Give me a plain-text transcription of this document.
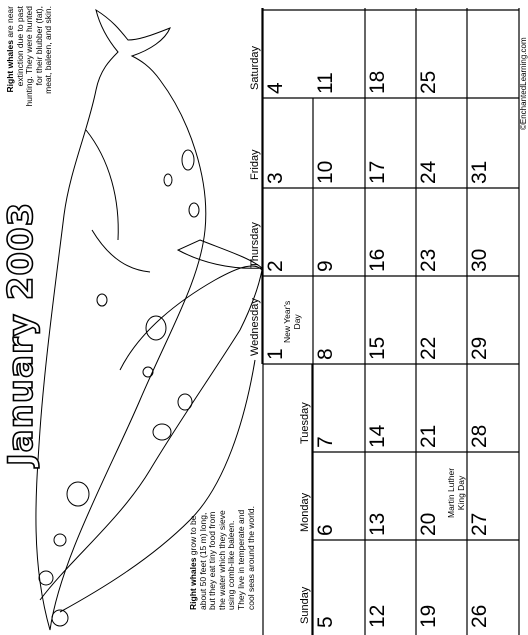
Sunday
Monday
Tuesday
Wednesday
Thursday
Friday
Saturday
1
2
3
4
5
6
7
8
9
10
11
12
13
14
15
16
17
18
19
20
21
22
23
24
25
26
27
28
29
30
31
New Year's Day
Martin Luther King Day
January 2003
Right whales are near extinction due to past hunting. They were hunted for their blubber (fat), meat, baleen, and skin.
Right whales grow to be about 50 feet (15 m) long, but they eat tiny food from the water which they sieve using comb-like baleen. They live in temperate and cool seas around the world.
©EnchantedLearning.com
